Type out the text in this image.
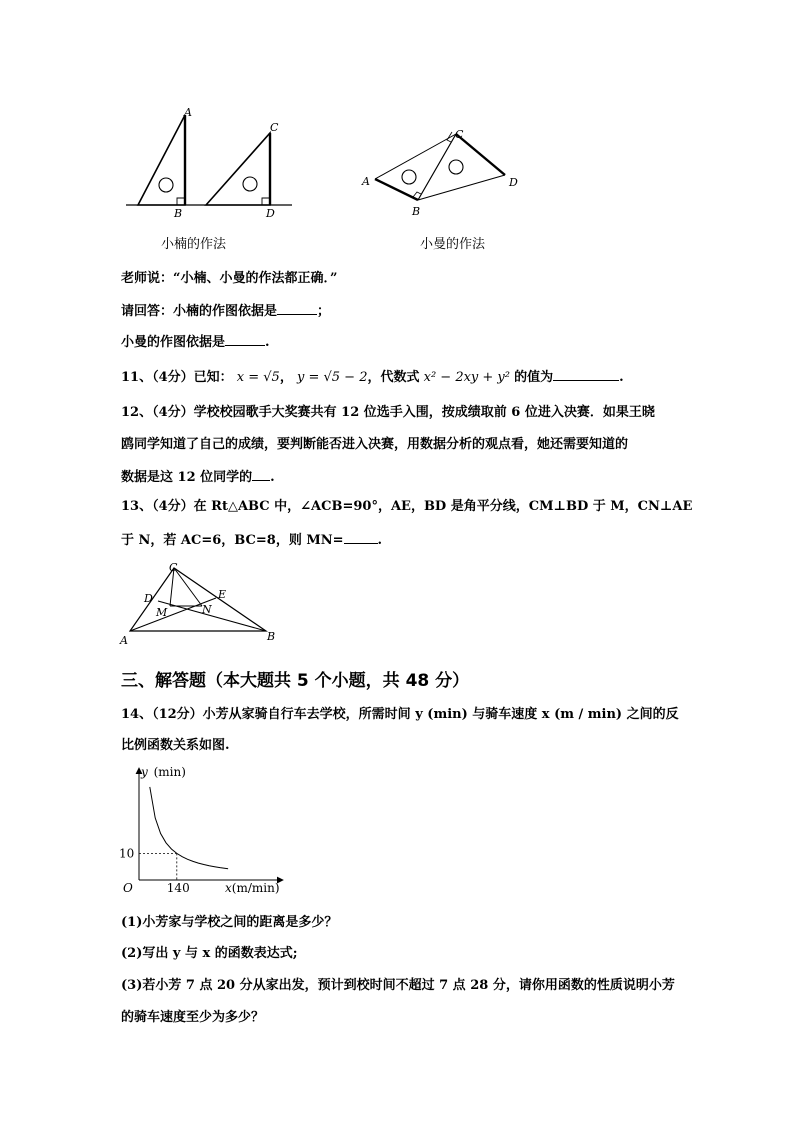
A
B
C
D
小楠的作法
A
B
C
D
小曼的作法
老师说：“小楠、小曼的作法都正确．”
请回答：小楠的作图依据是	；
小曼的作图依据是	.
11、（4分）已知： x = √5， y = √5 − 2，代数式 x² − 2xy + y² 的值为	.
12、（4分）学校校园歌手大奖赛共有 12 位选手入围，按成绩取前 6 位进入决赛．如果王晓
鸥同学知道了自己的成绩，要判断能否进入决赛，用数据分析的观点看，她还需要知道的
数据是这 12 位同学的 .
13、（4分）在 Rt△ABC 中，∠ACB=90°，AE，BD 是角平分线，CM⊥BD 于 M，CN⊥AE
于 N，若 AC=6，BC=8，则 MN=	.
C
D	E
M	N
A	B
三、解答题（本大题共 5 个小题，共 48 分）
14、（12分）小芳从家骑自行车去学校，所需时间 y (min) 与骑车速度 x (m / min) 之间的反
比例函数关系如图.
y (min)
10
140
O	x(m/min)
(1)小芳家与学校之间的距离是多少？
(2)写出 y 与 x 的函数表达式;
(3)若小芳 7 点 20 分从家出发，预计到校时间不超过 7 点 28 分，请你用函数的性质说明小芳
的骑车速度至少为多少？
